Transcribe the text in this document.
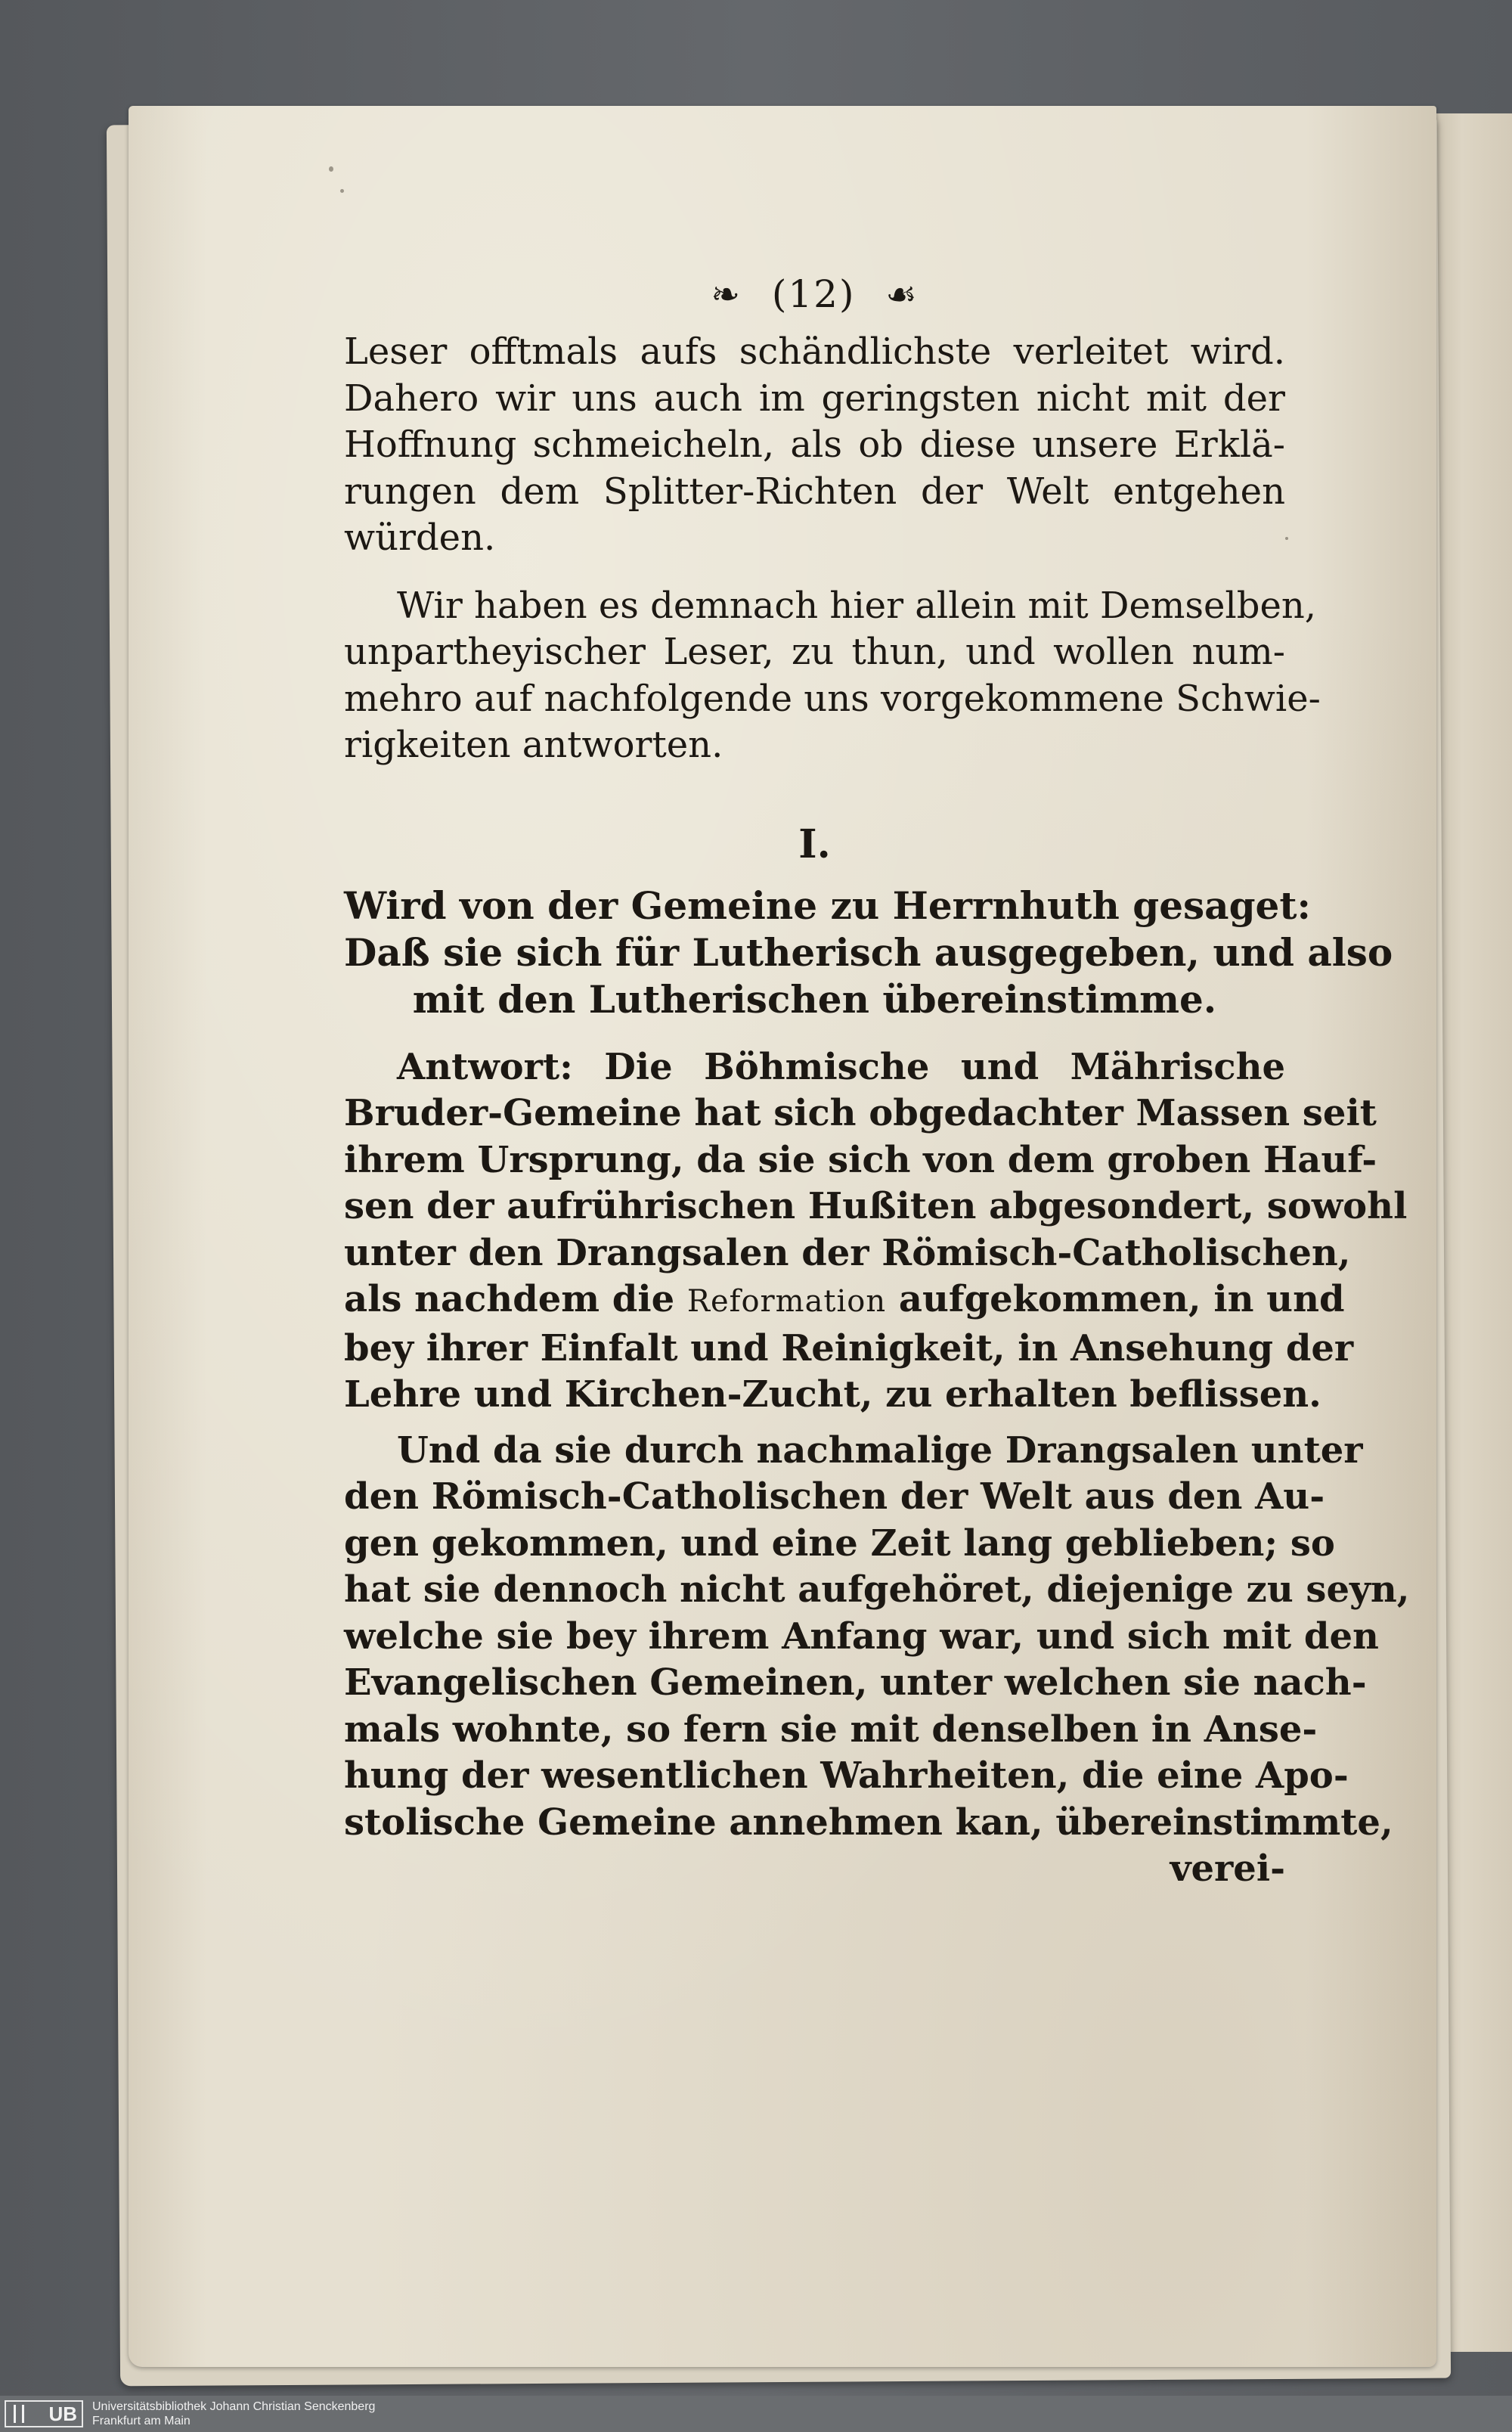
❧ (12) ☙

Leser offtmals aufs schändlichste verleitet wird.
Dahero wir uns auch im geringsten nicht mit der
Hoffnung schmeicheln, als ob diese unsere Erklä-
rungen dem Splitter-Richten der Welt entgehen
würden.

Wir haben es demnach hier allein mit Demselben,
unpartheyischer Leser, zu thun, und wollen num-
mehro auf nachfolgende uns vorgekommene Schwie-
rigkeiten antworten.

I.
Wird von der Gemeine zu Herrnhuth gesaget:
Daß sie sich für Lutherisch ausgegeben, und also
mit den Lutherischen übereinstimme.

Antwort: Die Böhmische und Mährische
Bruder-Gemeine hat sich obgedachter Massen seit
ihrem Ursprung, da sie sich von dem groben Hauf-
sen der aufrührischen Hußiten abgesondert, sowohl
unter den Drangsalen der Römisch-Catholischen,
als nachdem die Reformation aufgekommen, in und
bey ihrer Einfalt und Reinigkeit, in Ansehung der
Lehre und Kirchen-Zucht, zu erhalten beflissen.

Und da sie durch nachmalige Drangsalen unter
den Römisch-Catholischen der Welt aus den Au-
gen gekommen, und eine Zeit lang geblieben; so
hat sie dennoch nicht aufgehöret, diejenige zu seyn,
welche sie bey ihrem Anfang war, und sich mit den
Evangelischen Gemeinen, unter welchen sie nach-
mals wohnte, so fern sie mit denselben in Anse-
hung der wesentlichen Wahrheiten, die eine Apo-
stolische Gemeine annehmen kan, übereinstimmte,

verei-
UB	Universitätsbibliothek Johann Christian Senckenberg
Frankfurt am Main
